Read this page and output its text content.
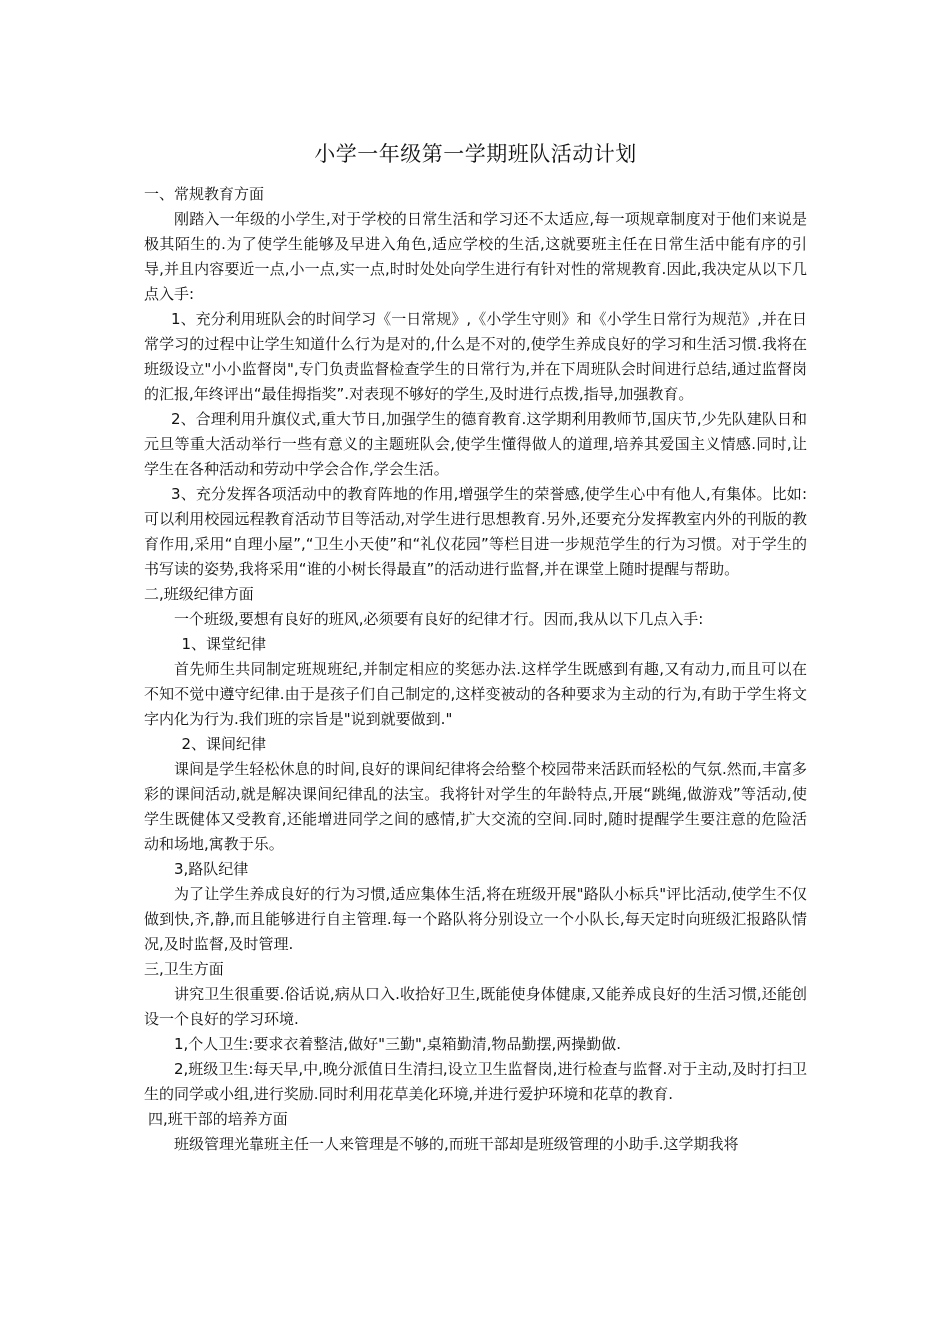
小学一年级第一学期班队活动计划

一、常规教育方面

刚踏入一年级的小学生,对于学校的日常生活和学习还不太适应,每一项规章制度对于他们来说是极其陌生的.为了使学生能够及早进入角色,适应学校的生活,这就要班主任在日常生活中能有序的引导,并且内容要近一点,小一点,实一点,时时处处向学生进行有针对性的常规教育.因此,我决定从以下几点入手:

1、充分利用班队会的时间学习《一日常规》,《小学生守则》和《小学生日常行为规范》,并在日常学习的过程中让学生知道什么行为是对的,什么是不对的,使学生养成良好的学习和生活习惯.我将在班级设立"小小监督岗",专门负责监督检查学生的日常行为,并在下周班队会时间进行总结,通过监督岗的汇报,年终评出“最佳拇指奖”.对表现不够好的学生,及时进行点拨,指导,加强教育。

2、合理利用升旗仪式,重大节日,加强学生的德育教育.这学期利用教师节,国庆节,少先队建队日和元旦等重大活动举行一些有意义的主题班队会,使学生懂得做人的道理,培养其爱国主义情感.同时,让学生在各种活动和劳动中学会合作,学会生活。

3、充分发挥各项活动中的教育阵地的作用,增强学生的荣誉感,使学生心中有他人,有集体。比如:可以利用校园远程教育活动节目等活动,对学生进行思想教育.另外,还要充分发挥教室内外的刊版的教育作用,采用“自理小屋”,“卫生小天使”和“礼仪花园”等栏目进一步规范学生的行为习惯。对于学生的书写读的姿势,我将采用“谁的小树长得最直”的活动进行监督,并在课堂上随时提醒与帮助。

二,班级纪律方面

一个班级,要想有良好的班风,必须要有良好的纪律才行。因而,我从以下几点入手:

1、课堂纪律

首先师生共同制定班规班纪,并制定相应的奖惩办法.这样学生既感到有趣,又有动力,而且可以在不知不觉中遵守纪律.由于是孩子们自己制定的,这样变被动的各种要求为主动的行为,有助于学生将文字内化为行为.我们班的宗旨是"说到就要做到."

2、课间纪律

课间是学生轻松休息的时间,良好的课间纪律将会给整个校园带来活跃而轻松的气氛.然而,丰富多彩的课间活动,就是解决课间纪律乱的法宝。我将针对学生的年龄特点,开展“跳绳,做游戏”等活动,使学生既健体又受教育,还能增进同学之间的感情,扩大交流的空间.同时,随时提醒学生要注意的危险活动和场地,寓教于乐。

3,路队纪律

为了让学生养成良好的行为习惯,适应集体生活,将在班级开展"路队小标兵"评比活动,使学生不仅做到快,齐,静,而且能够进行自主管理.每一个路队将分别设立一个小队长,每天定时向班级汇报路队情况,及时监督,及时管理.

三,卫生方面

讲究卫生很重要.俗话说,病从口入.收拾好卫生,既能使身体健康,又能养成良好的生活习惯,还能创设一个良好的学习环境.

1,个人卫生:要求衣着整洁,做好"三勤",桌箱勤清,物品勤摆,两操勤做.

2,班级卫生:每天早,中,晚分派值日生清扫,设立卫生监督岗,进行检查与监督.对于主动,及时打扫卫生的同学或小组,进行奖励.同时利用花草美化环境,并进行爱护环境和花草的教育.

四,班干部的培养方面

班级管理光靠班主任一人来管理是不够的,而班干部却是班级管理的小助手.这学期我将
